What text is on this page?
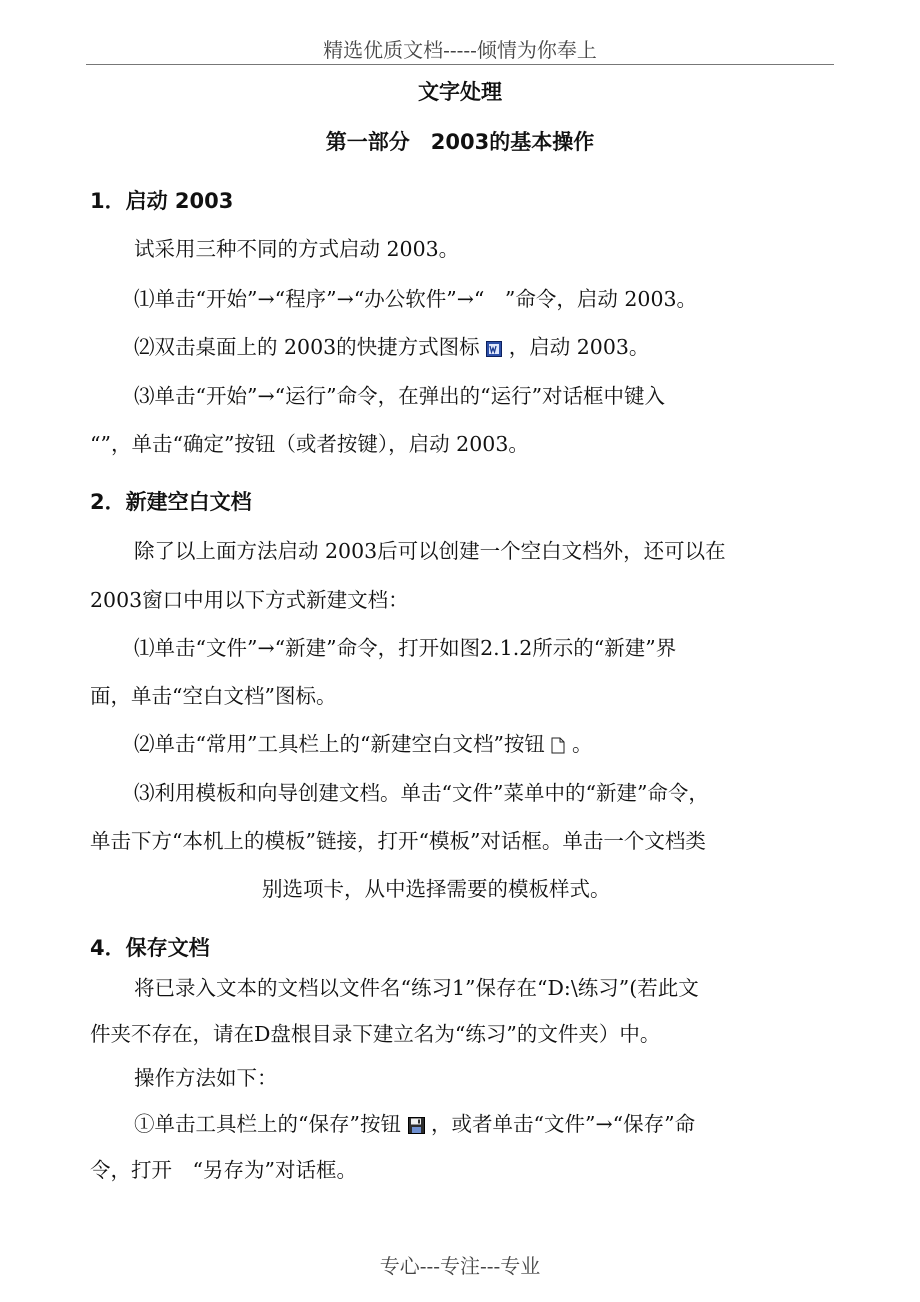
精选优质文档-----倾情为你奉上
文字处理
第一部分　2003的基本操作
1．启动 2003
试采用三种不同的方式启动 2003。
⑴单击“开始”→“程序”→“办公软件”→“　”命令，启动 2003。
⑵双击桌面上的 2003的快捷方式图标 ，启动 2003。
⑶单击“开始”→“运行”命令，在弹出的“运行”对话框中键入
“”，单击“确定”按钮（或者按键），启动 2003。
2．新建空白文档
除了以上面方法启动 2003后可以创建一个空白文档外，还可以在
2003窗口中用以下方式新建文档：
⑴单击“文件”→“新建”命令，打开如图2.1.2所示的“新建”界
面，单击“空白文档”图标。
⑵单击“常用”工具栏上的“新建空白文档”按钮 。
⑶利用模板和向导创建文档。单击“文件”菜单中的“新建”命令，
单击下方“本机上的模板”链接，打开“模板”对话框。单击一个文档类
别选项卡，从中选择需要的模板样式。
4．保存文档
将已录入文本的文档以文件名“练习1”保存在“D:\练习”(若此文
件夹不存在，请在D盘根目录下建立名为“练习”的文件夹）中。
操作方法如下：
①单击工具栏上的“保存”按钮 ，或者单击“文件”→“保存”命
令，打开　“另存为”对话框。
专心---专注---专业
